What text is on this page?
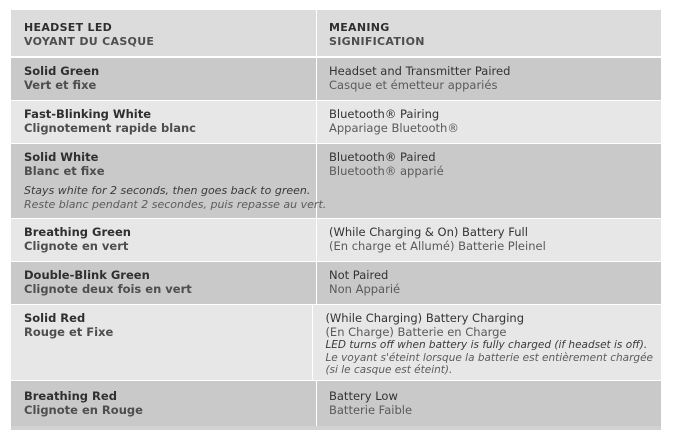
HEADSET LED
VOYANT DU CASQUE
MEANING
SIGNIFICATION
Solid Green
Vert et fixe
Headset and Transmitter Paired
Casque et émetteur appariés
Fast-Blinking White
Clignotement rapide blanc
Bluetooth® Pairing
Appariage Bluetooth®
Solid White
Blanc et fixe
Stays white for 2 seconds, then goes back to green.
Reste blanc pendant 2 secondes, puis repasse au vert.
Bluetooth® Paired
Bluetooth® apparié
Breathing Green
Clignote en vert
(While Charging & On) Battery Full
(En charge et Allumé) Batterie Pleinel
Double-Blink Green
Clignote deux fois en vert
Not Paired
Non Apparié
Solid Red
Rouge et Fixe
(While Charging) Battery Charging
(En Charge) Batterie en Charge
LED turns off when battery is fully charged (if headset is off).
Le voyant s'éteint lorsque la batterie est entièrement chargée
(si le casque est éteint).
Breathing Red
Clignote en Rouge
Battery Low
Batterie Faible
